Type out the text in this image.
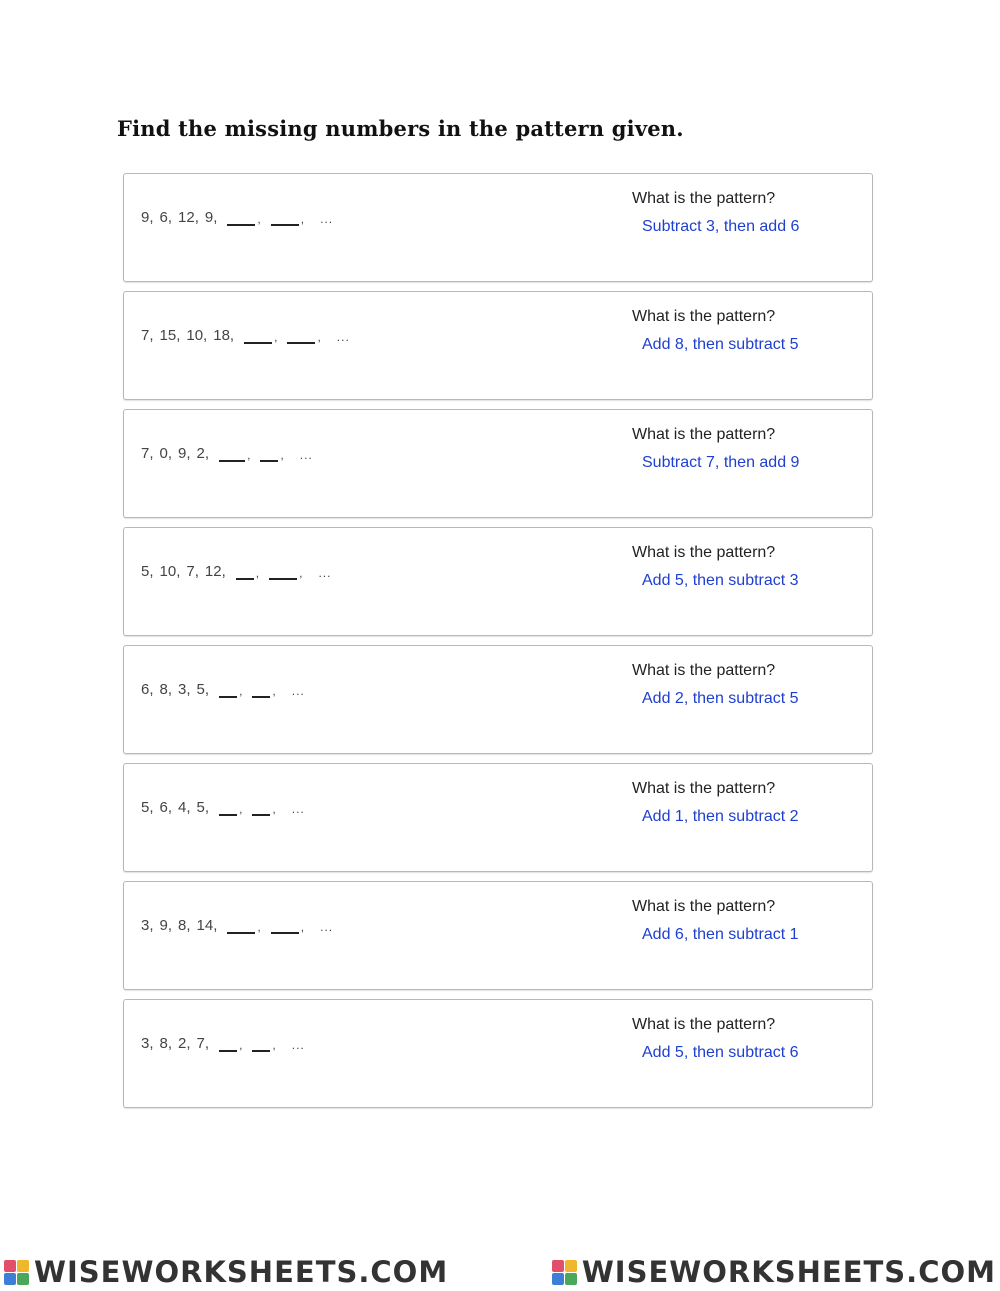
Find the missing numbers in the pattern given.
9, 6, 12, 9,	,	, ...
What is the pattern?
Subtract 3, then add 6
7, 15, 10, 18,	,	, ...
What is the pattern?
Add 8, then subtract 5
7, 0, 9, 2,	,	, ...
What is the pattern?
Subtract 7, then add 9
5, 10, 7, 12,	,	, ...
What is the pattern?
Add 5, then subtract 3
6, 8, 3, 5,	,	, ...
What is the pattern?
Add 2, then subtract 5
5, 6, 4, 5,	,	, ...
What is the pattern?
Add 1, then subtract 2
3, 9, 8, 14,	,	, ...
What is the pattern?
Add 6, then subtract 1
3, 8, 2, 7,	,	, ...
What is the pattern?
Add 5, then subtract 6
WISEWORKSHEETS.COM	WISEWORKSHEETS.COM
